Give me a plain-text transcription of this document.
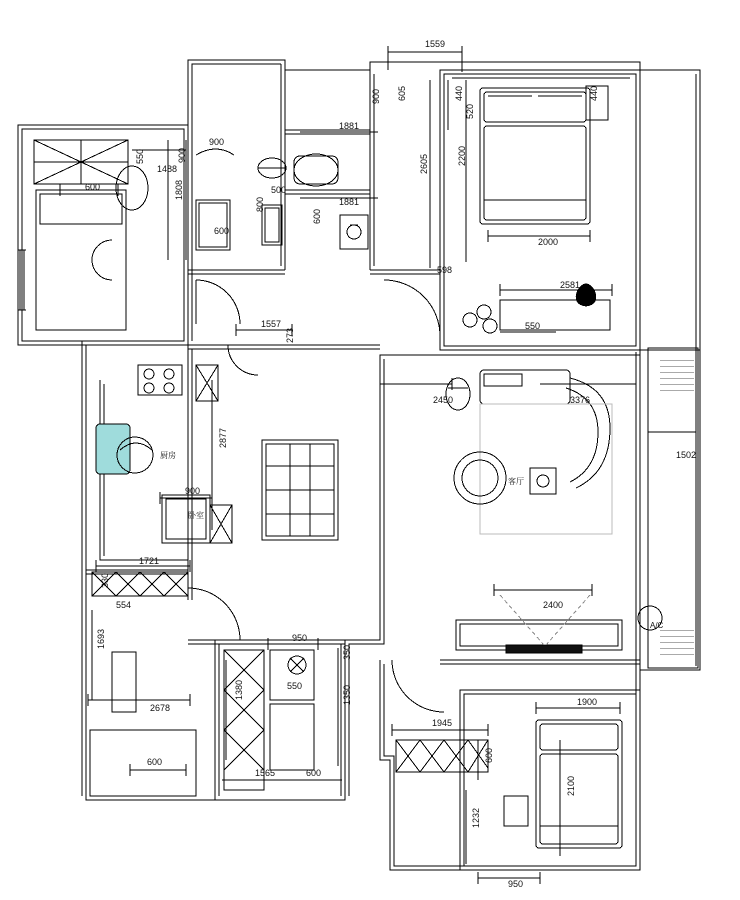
1559
900 605	440	440
1881
520
900
2605	2200
1488
550	900
600	500
1881
1808
800
600
600
2000
598
2581
550
1557
273
2450	3376
1502
2877
900
1721
330
554
1693
2678
600
950
350
550
1380	1350
1565	600
2400
1900
1945
600
2100
1232
950
厨房
卧室
客厅
A/C
